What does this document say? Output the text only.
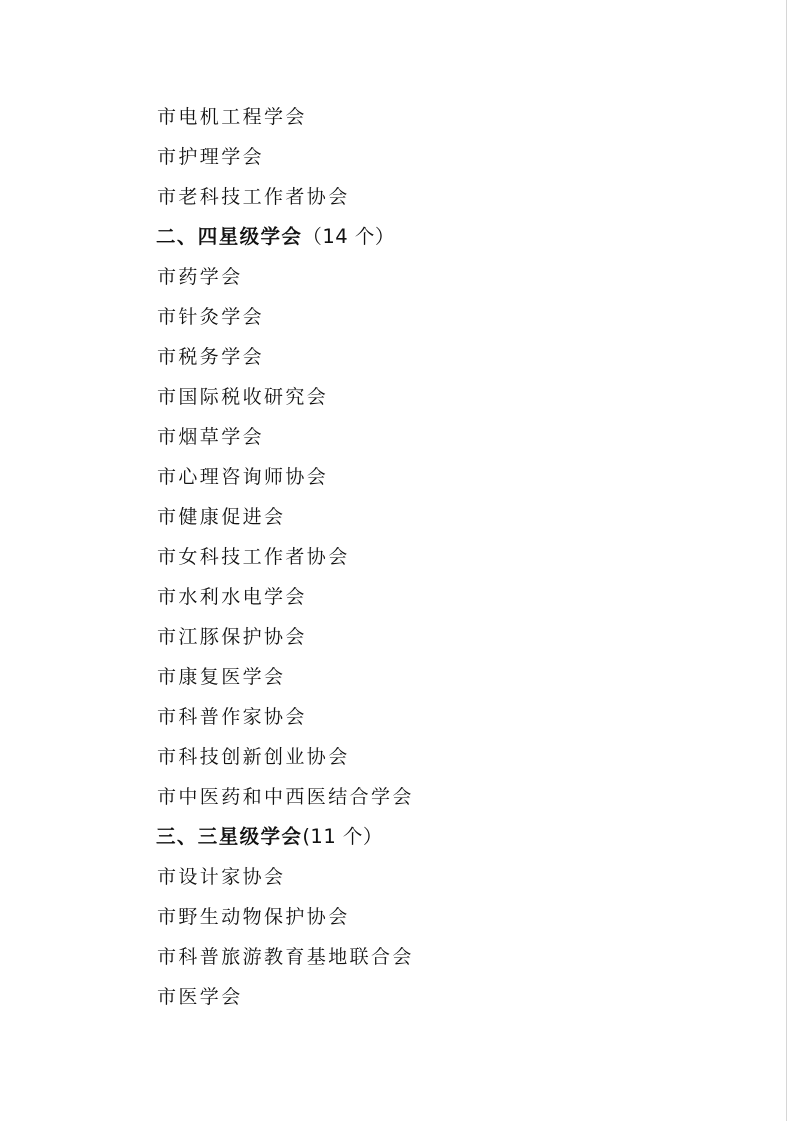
市电机工程学会
市护理学会
市老科技工作者协会
二、四星级学会（14 个）
市药学会
市针灸学会
市税务学会
市国际税收研究会
市烟草学会
市心理咨询师协会
市健康促进会
市女科技工作者协会
市水利水电学会
市江豚保护协会
市康复医学会
市科普作家协会
市科技创新创业协会
市中医药和中西医结合学会
三、三星级学会(11 个）
市设计家协会
市野生动物保护协会
市科普旅游教育基地联合会
市医学会
